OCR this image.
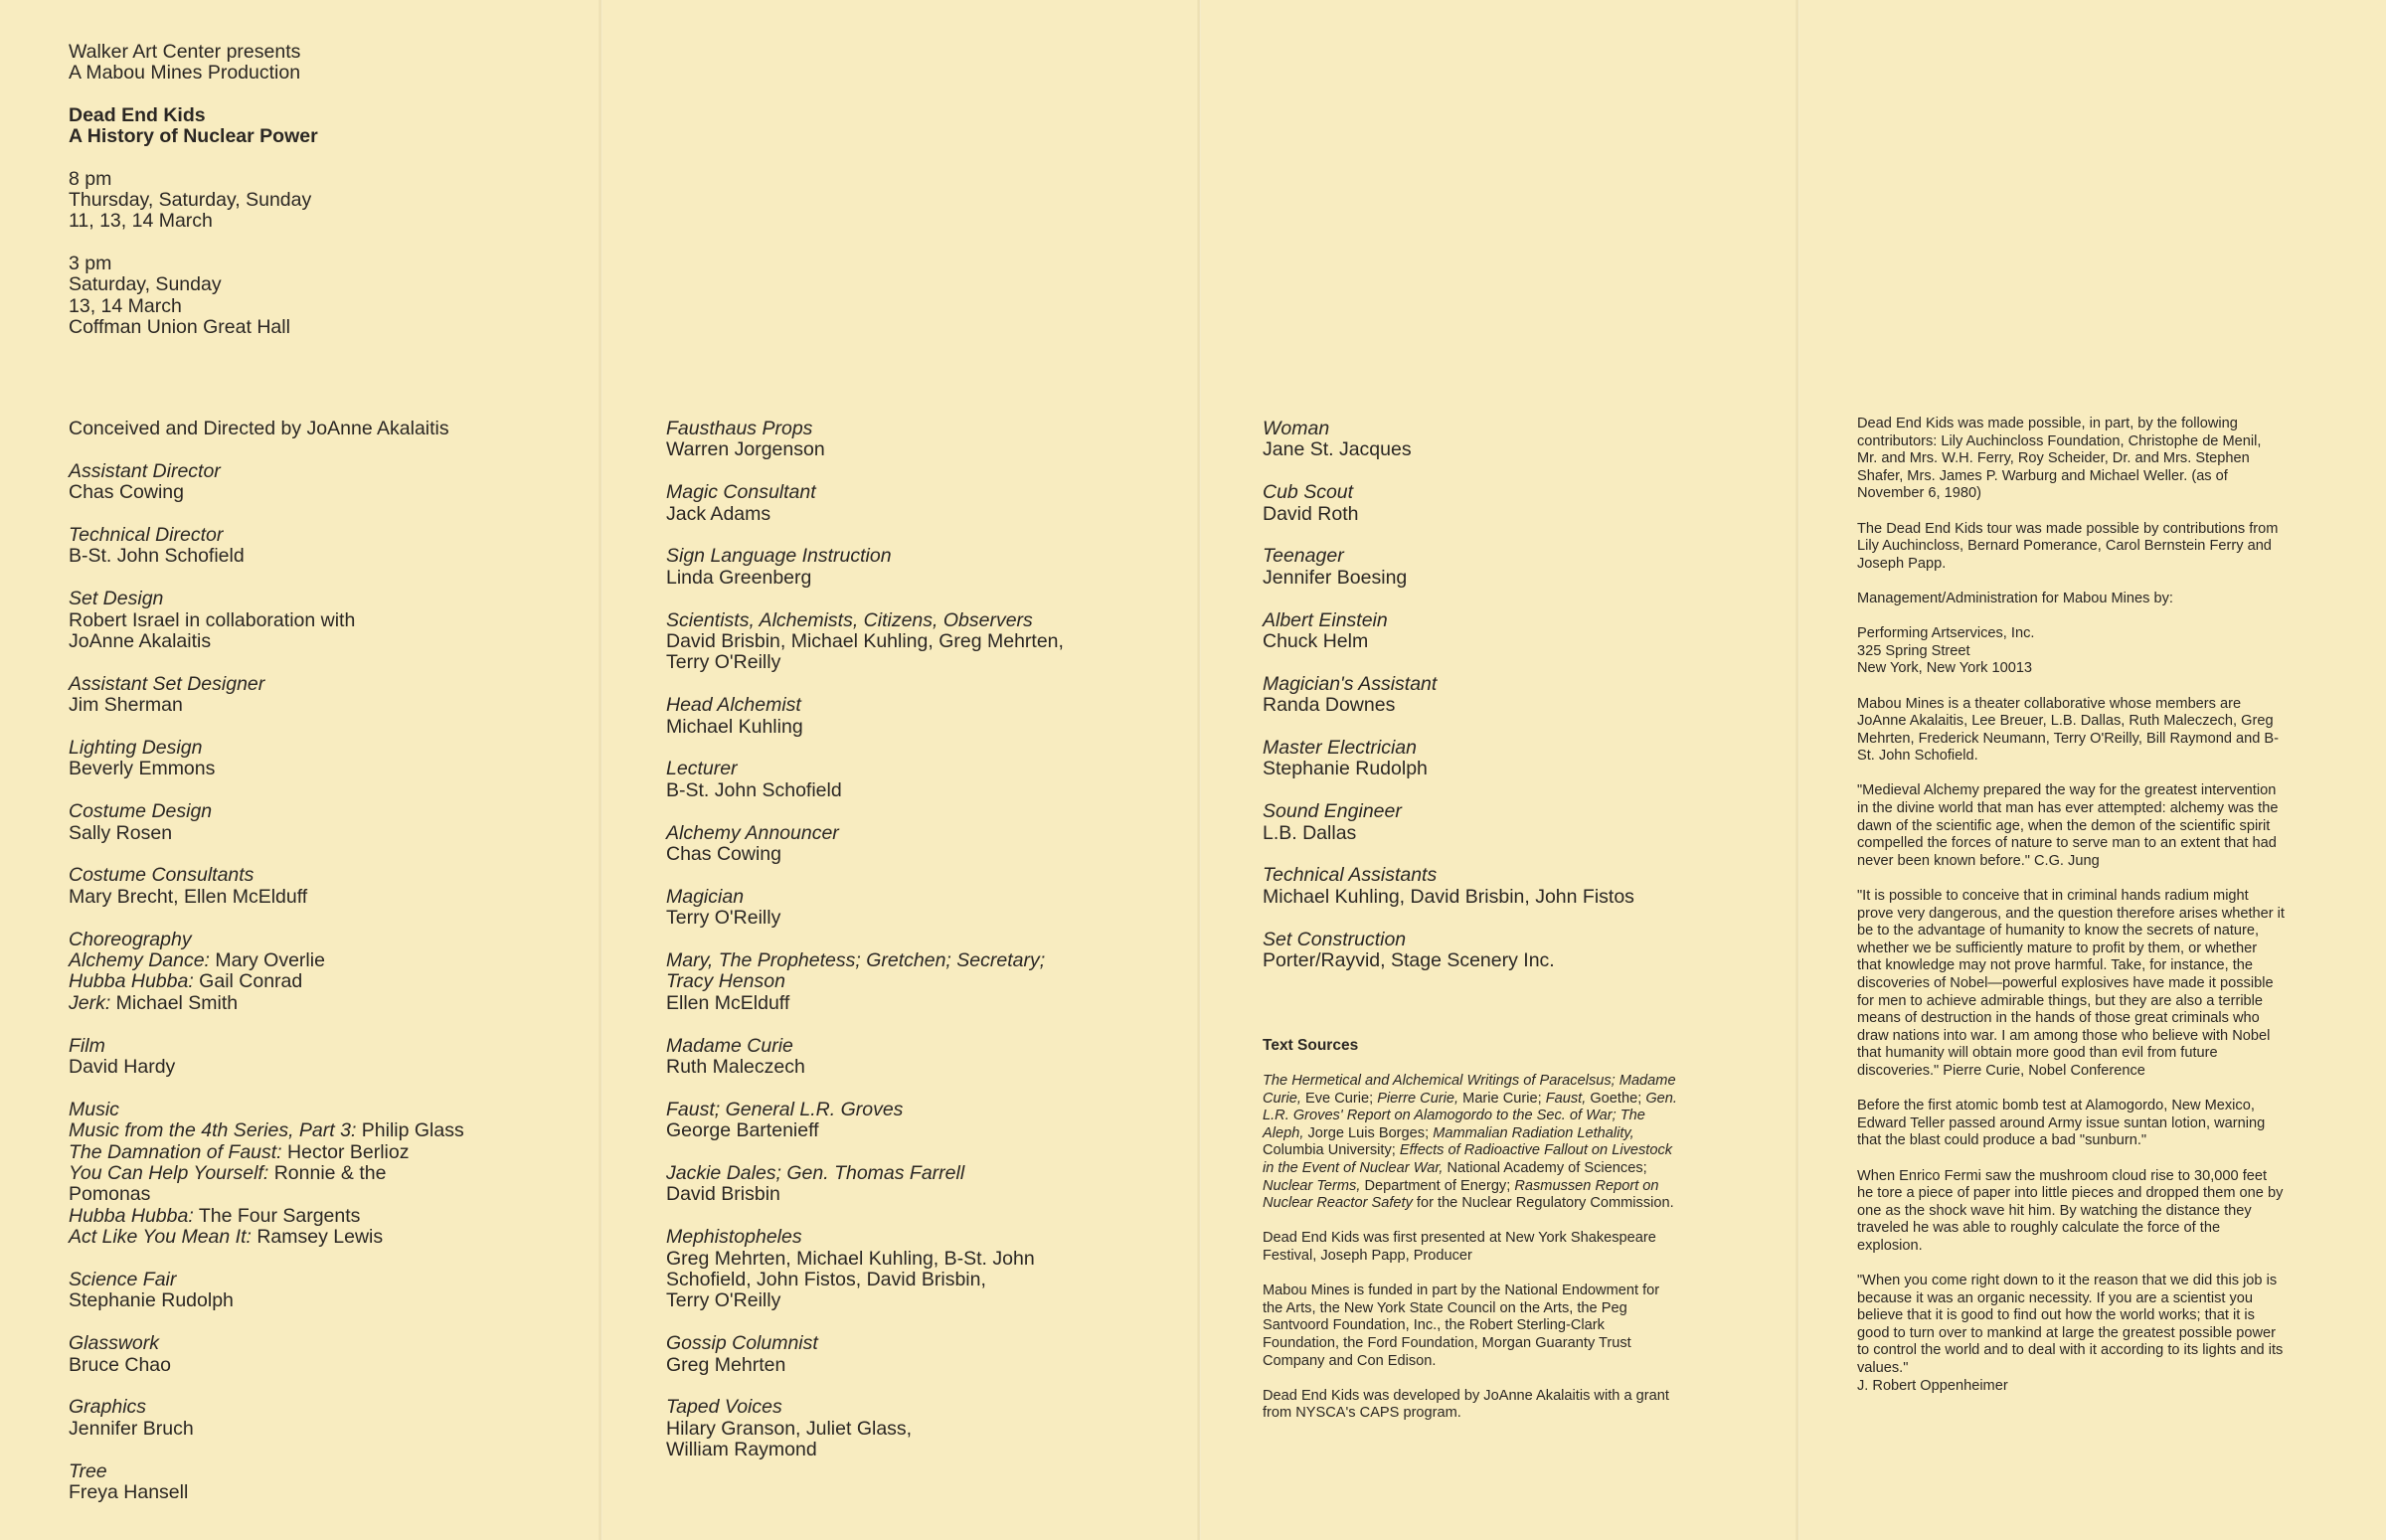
Walker Art Center presents
A Mabou Mines Production
Dead End Kids
A History of Nuclear Power
8 pm
Thursday, Saturday, Sunday
11, 13, 14 March
3 pm
Saturday, Sunday
13, 14 March
Coffman Union Great Hall
Conceived and Directed by JoAnne Akalaitis
Assistant Director
Chas Cowing
Technical Director
B-St. John Schofield
Set Design
Robert Israel in collaboration with
JoAnne Akalaitis
Assistant Set Designer
Jim Sherman
Lighting Design
Beverly Emmons
Costume Design
Sally Rosen
Costume Consultants
Mary Brecht, Ellen McElduff
Choreography
Alchemy Dance: Mary Overlie
Hubba Hubba: Gail Conrad
Jerk: Michael Smith
Film
David Hardy
Music
Music from the 4th Series, Part 3: Philip Glass
The Damnation of Faust: Hector Berlioz
You Can Help Yourself: Ronnie & the
Pomonas
Hubba Hubba: The Four Sargents
Act Like You Mean It: Ramsey Lewis
Science Fair
Stephanie Rudolph
Glasswork
Bruce Chao
Graphics
Jennifer Bruch
Tree
Freya Hansell
Fausthaus Props
Warren Jorgenson
Magic Consultant
Jack Adams
Sign Language Instruction
Linda Greenberg
Scientists, Alchemists, Citizens, Observers
David Brisbin, Michael Kuhling, Greg Mehrten,
Terry O'Reilly
Head Alchemist
Michael Kuhling
Lecturer
B-St. John Schofield
Alchemy Announcer
Chas Cowing
Magician
Terry O'Reilly
Mary, The Prophetess; Gretchen; Secretary;
Tracy Henson
Ellen McElduff
Madame Curie
Ruth Maleczech
Faust; General L.R. Groves
George Bartenieff
Jackie Dales; Gen. Thomas Farrell
David Brisbin
Mephistopheles
Greg Mehrten, Michael Kuhling, B-St. John
Schofield, John Fistos, David Brisbin,
Terry O'Reilly
Gossip Columnist
Greg Mehrten
Taped Voices
Hilary Granson, Juliet Glass,
William Raymond
Woman
Jane St. Jacques
Cub Scout
David Roth
Teenager
Jennifer Boesing
Albert Einstein
Chuck Helm
Magician's Assistant
Randa Downes
Master Electrician
Stephanie Rudolph
Sound Engineer
L.B. Dallas
Technical Assistants
Michael Kuhling, David Brisbin, John Fistos
Set Construction
Porter/Rayvid, Stage Scenery Inc.
Text Sources
The Hermetical and Alchemical Writings of Paracelsus; Madame Curie, Eve Curie; Pierre Curie, Marie Curie; Faust, Goethe; Gen. L.R. Groves' Report on Alamogordo to the Sec. of War; The Aleph, Jorge Luis Borges; Mammalian Radiation Lethality, Columbia University; Effects of Radioactive Fallout on Livestock in the Event of Nuclear War, National Academy of Sciences; Nuclear Terms, Department of Energy; Rasmussen Report on Nuclear Reactor Safety for the Nuclear Regulatory Commission.

Dead End Kids was first presented at New York Shakespeare Festival, Joseph Papp, Producer

Mabou Mines is funded in part by the National Endowment for the Arts, the New York State Council on the Arts, the Peg Santvoord Foundation, Inc., the Robert Sterling-Clark Foundation, the Ford Foundation, Morgan Guaranty Trust Company and Con Edison.

Dead End Kids was developed by JoAnne Akalaitis with a grant from NYSCA's CAPS program.

Dead End Kids was made possible, in part, by the following contributors: Lily Auchincloss Foundation, Christophe de Menil, Mr. and Mrs. W.H. Ferry, Roy Scheider, Dr. and Mrs. Stephen Shafer, Mrs. James P. Warburg and Michael Weller. (as of November 6, 1980)

The Dead End Kids tour was made possible by contributions from Lily Auchincloss, Bernard Pomerance, Carol Bernstein Ferry and Joseph Papp.

Management/Administration for Mabou Mines by:

Performing Artservices, Inc.
325 Spring Street
New York, New York 10013

Mabou Mines is a theater collaborative whose members are JoAnne Akalaitis, Lee Breuer, L.B. Dallas, Ruth Maleczech, Greg Mehrten, Frederick Neumann, Terry O'Reilly, Bill Raymond and B-St. John Schofield.

"Medieval Alchemy prepared the way for the greatest intervention in the divine world that man has ever attempted: alchemy was the dawn of the scientific age, when the demon of the scientific spirit compelled the forces of nature to serve man to an extent that had never been known before." C.G. Jung

"It is possible to conceive that in criminal hands radium might prove very dangerous, and the question therefore arises whether it be to the advantage of humanity to know the secrets of nature, whether we be sufficiently mature to profit by them, or whether that knowledge may not prove harmful. Take, for instance, the discoveries of Nobel—powerful explosives have made it possible for men to achieve admirable things, but they are also a terrible means of destruction in the hands of those great criminals who draw nations into war. I am among those who believe with Nobel that humanity will obtain more good than evil from future discoveries." Pierre Curie, Nobel Conference

Before the first atomic bomb test at Alamogordo, New Mexico, Edward Teller passed around Army issue suntan lotion, warning that the blast could produce a bad "sunburn."

When Enrico Fermi saw the mushroom cloud rise to 30,000 feet he tore a piece of paper into little pieces and dropped them one by one as the shock wave hit him. By watching the distance they traveled he was able to roughly calculate the force of the explosion.

"When you come right down to it the reason that we did this job is because it was an organic necessity. If you are a scientist you believe that it is good to find out how the world works; that it is good to turn over to mankind at large the greatest possible power to control the world and to deal with it according to its lights and its values."

J. Robert Oppenheimer
